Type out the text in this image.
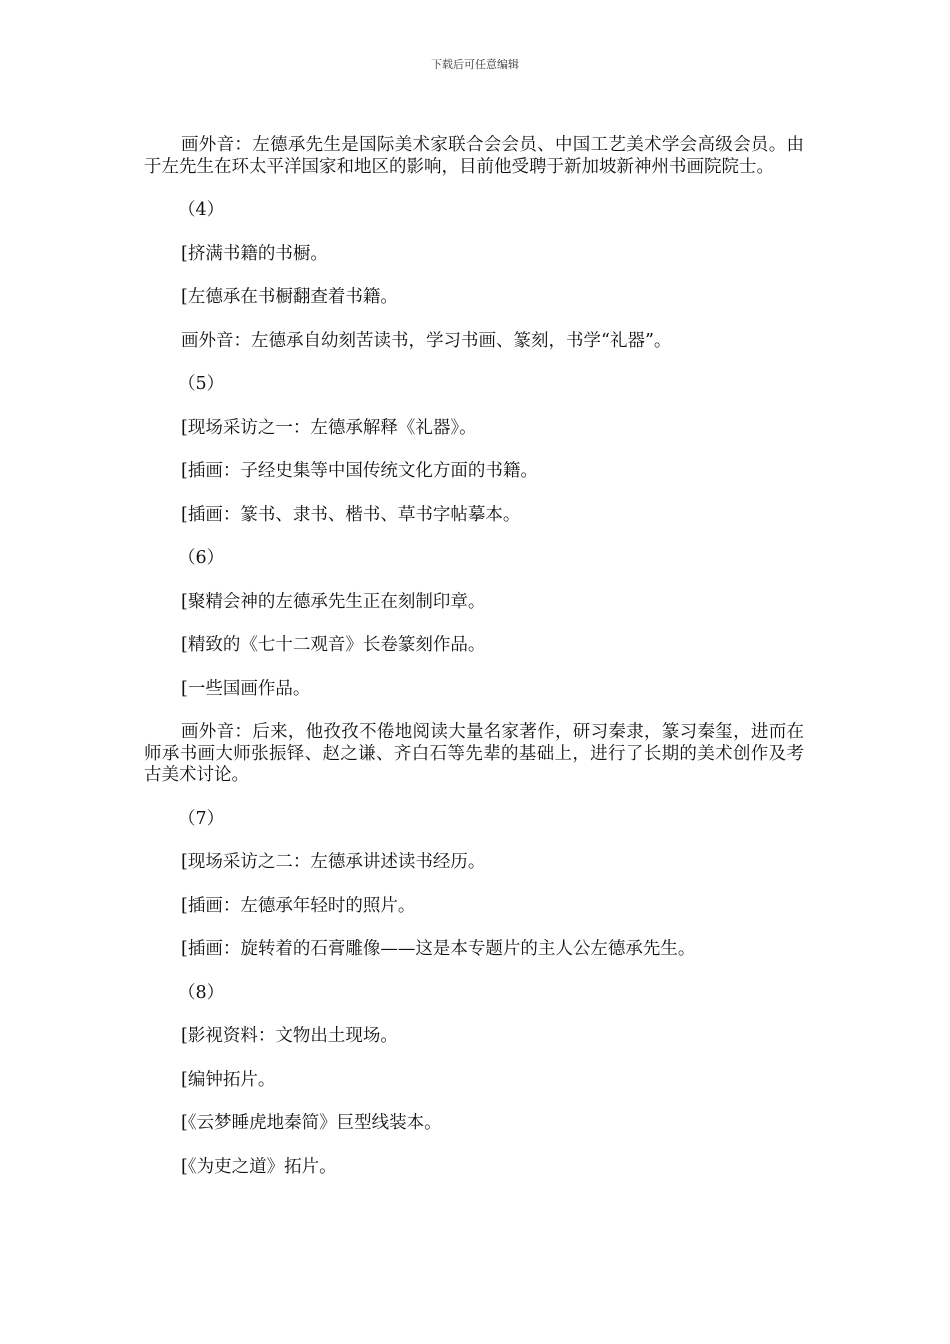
下载后可任意编辑

画外音：左德承先生是国际美术家联合会会员、中国工艺美术学会高级会员。由于左先生在环太平洋国家和地区的影响，目前他受聘于新加坡新神州书画院院士。

（4）

[挤满书籍的书橱。

[左德承在书橱翻查着书籍。

画外音：左德承自幼刻苦读书，学习书画、篆刻，书学“礼器”。

（5）

[现场采访之一：左德承解释《礼器》。

[插画：子经史集等中国传统文化方面的书籍。

[插画：篆书、隶书、楷书、草书字帖摹本。

（6）

[聚精会神的左德承先生正在刻制印章。

[精致的《七十二观音》长卷篆刻作品。

[一些国画作品。

画外音：后来，他孜孜不倦地阅读大量名家著作，研习秦隶，篆习秦玺，进而在师承书画大师张振铎、赵之谦、齐白石等先辈的基础上，进行了长期的美术创作及考古美术讨论。

（7）

[现场采访之二：左德承讲述读书经历。

[插画：左德承年轻时的照片。

[插画：旋转着的石膏雕像——这是本专题片的主人公左德承先生。

（8）

[影视资料：文物出土现场。

[编钟拓片。

[《云梦睡虎地秦简》巨型线装本。

[《为吏之道》拓片。
